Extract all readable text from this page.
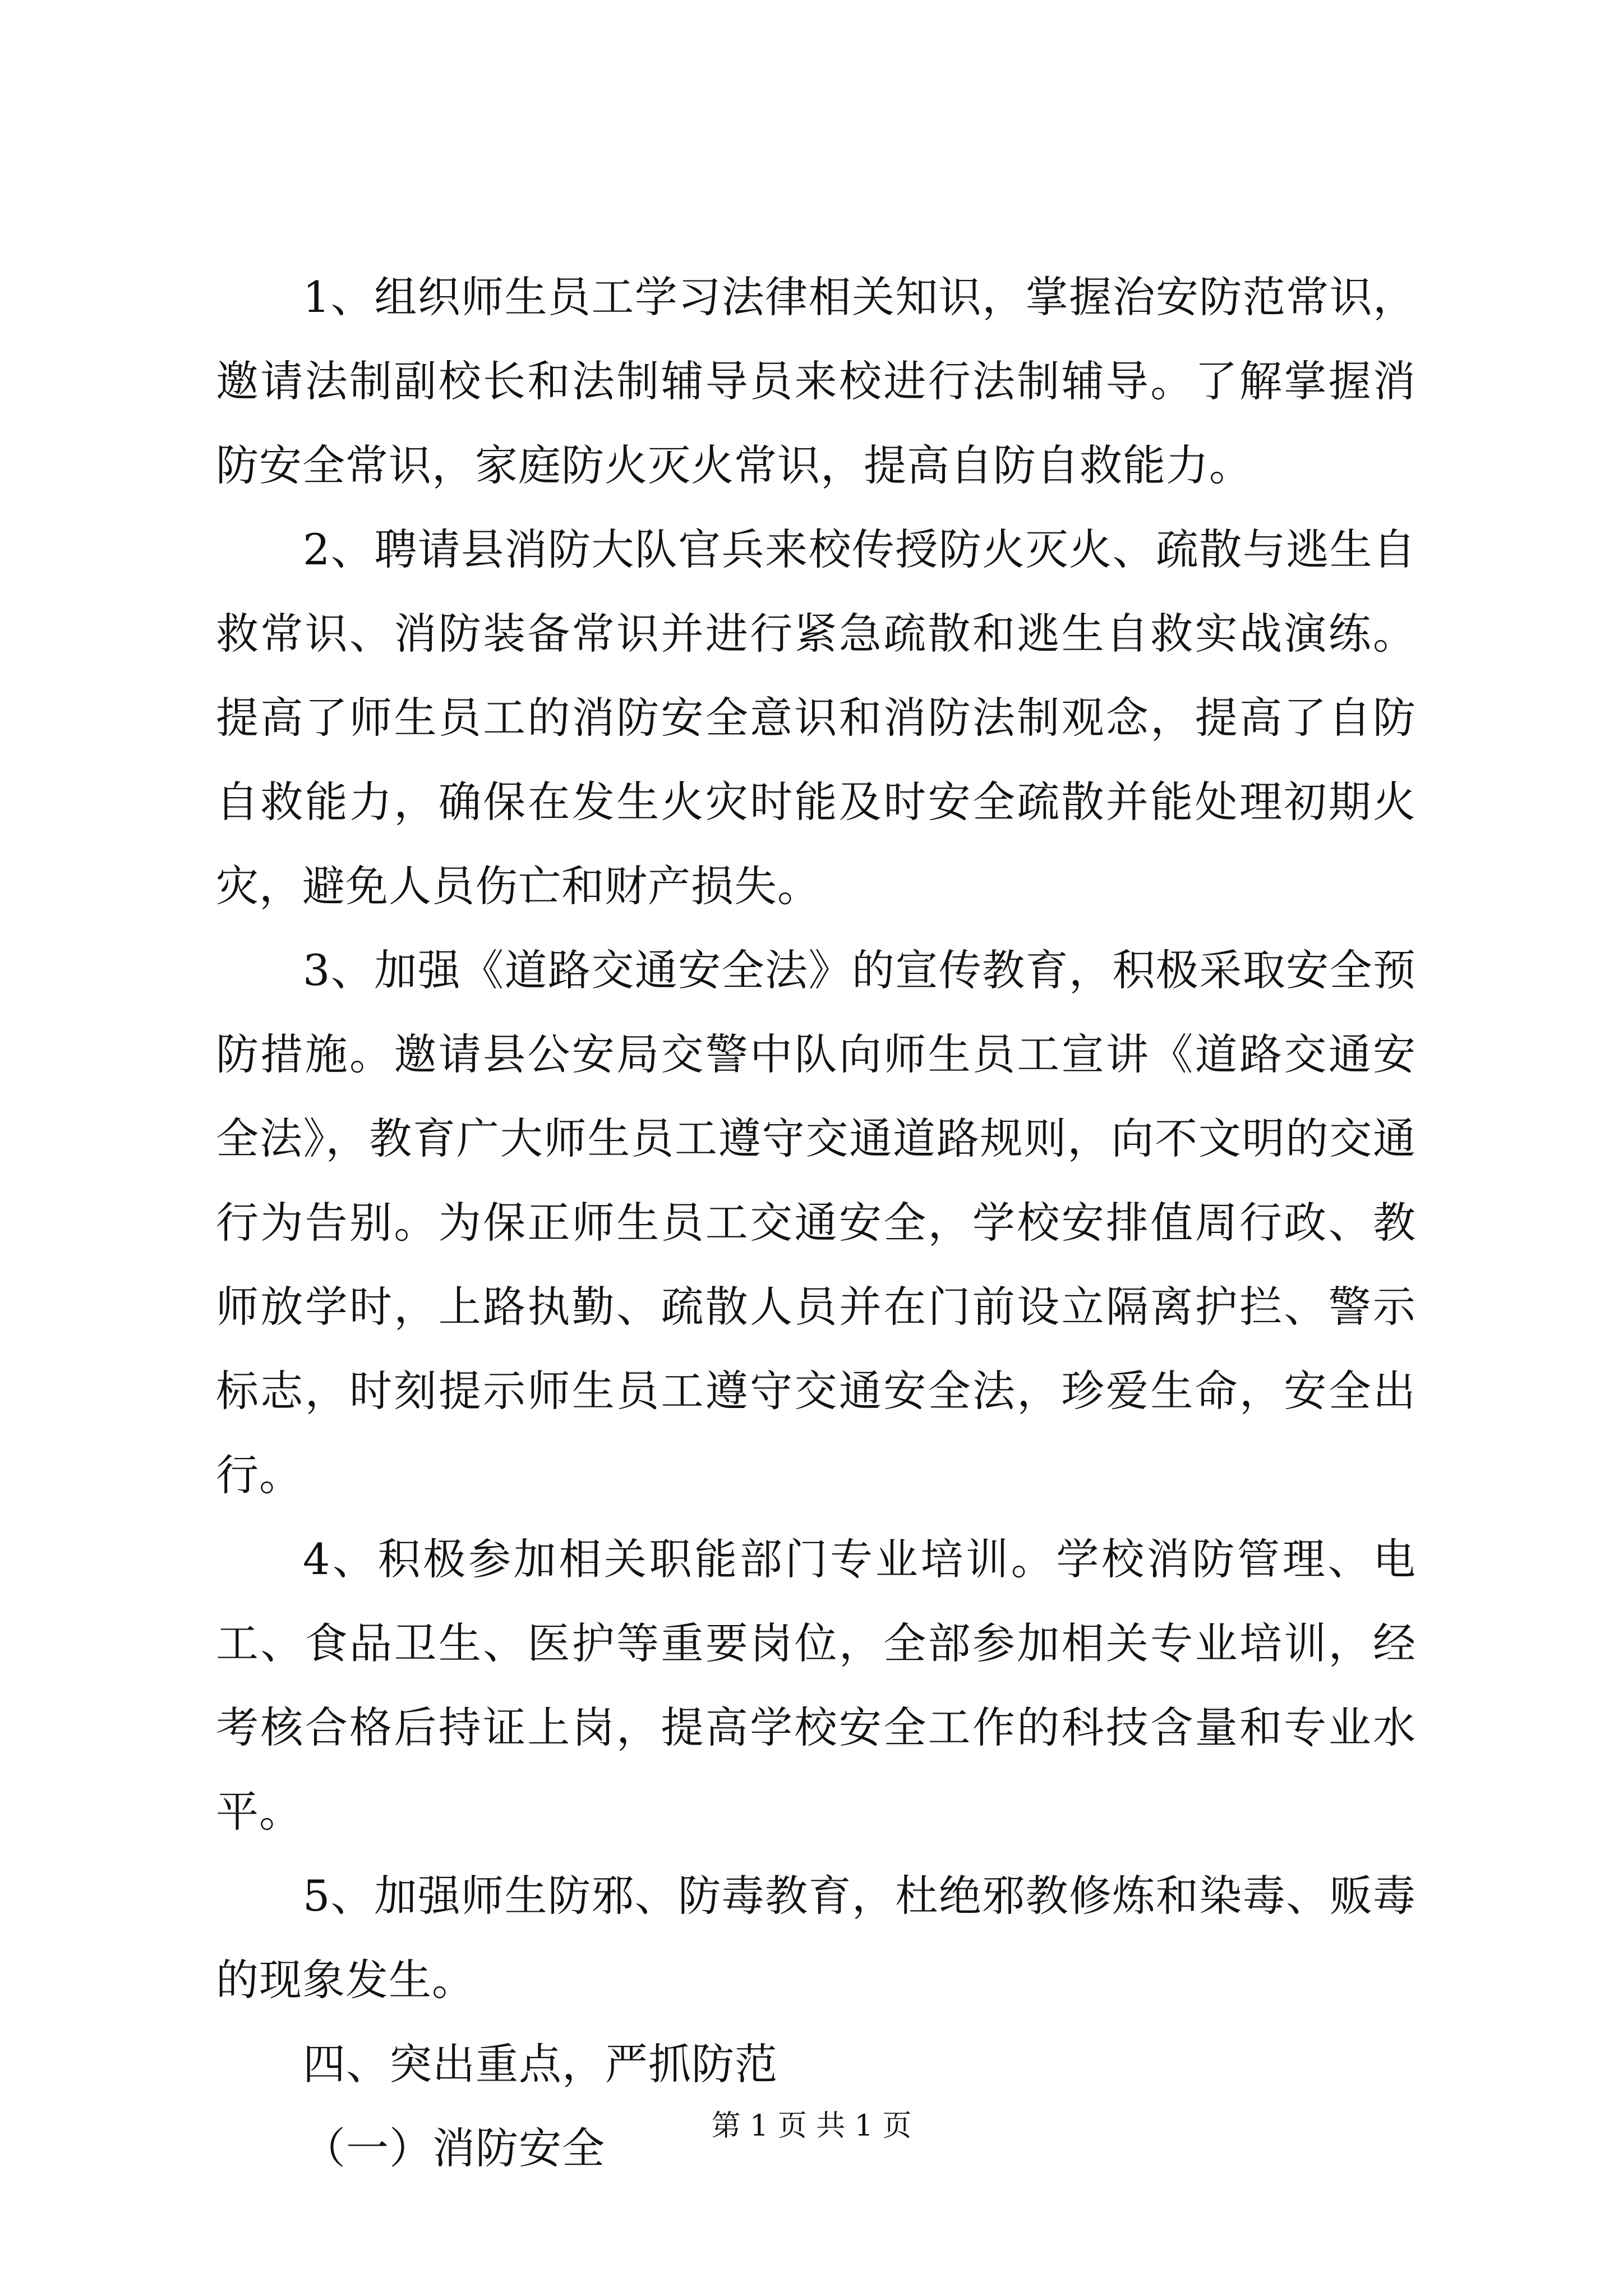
1、组织师生员工学习法律相关知识，掌握治安防范常识，邀请法制副校长和法制辅导员来校进行法制辅导。了解掌握消防安全常识，家庭防火灭火常识，提高自防自救能力。

2、聘请县消防大队官兵来校传授防火灭火、疏散与逃生自救常识、消防装备常识并进行紧急疏散和逃生自救实战演练。提高了师生员工的消防安全意识和消防法制观念，提高了自防自救能力，确保在发生火灾时能及时安全疏散并能处理初期火灾，避免人员伤亡和财产损失。

3、加强《道路交通安全法》的宣传教育，积极采取安全预防措施。邀请县公安局交警中队向师生员工宣讲《道路交通安全法》，教育广大师生员工遵守交通道路规则，向不文明的交通行为告别。为保正师生员工交通安全，学校安排值周行政、教师放学时，上路执勤、疏散人员并在门前设立隔离护拦、警示标志，时刻提示师生员工遵守交通安全法，珍爱生命，安全出行。

4、积极参加相关职能部门专业培训。学校消防管理、电工、食品卫生、医护等重要岗位，全部参加相关专业培训，经考核合格后持证上岗，提高学校安全工作的科技含量和专业水平。

5、加强师生防邪、防毒教育，杜绝邪教修炼和染毒、贩毒的现象发生。

四、突出重点，严抓防范

（一）消防安全	第 1 页 共 1 页
